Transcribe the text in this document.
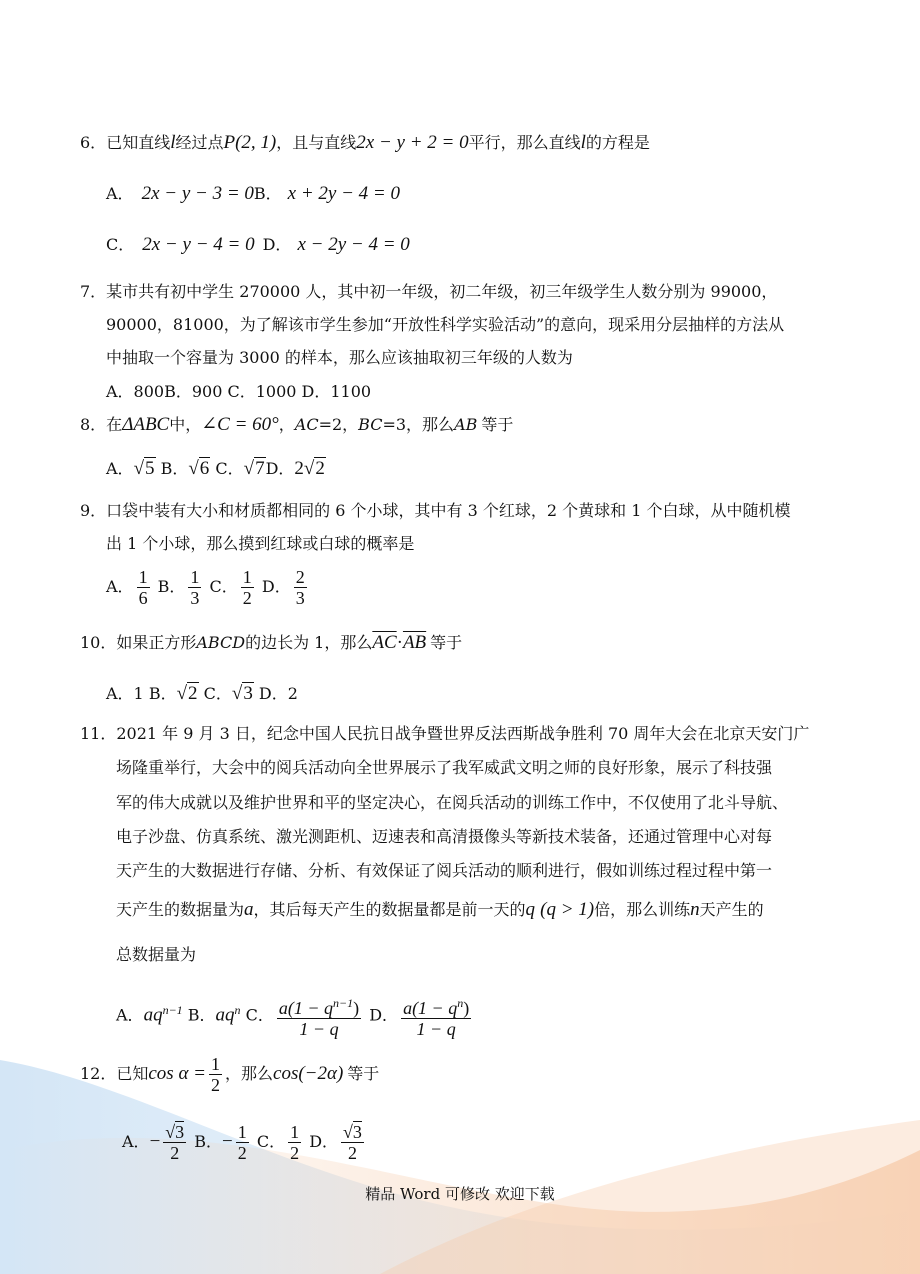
6．已知直线l经过点P(2, 1)，且与直线2x − y + 2 = 0平行，那么直线l的方程是
A． 2x − y − 3 = 0B． x + 2y − 4 = 0
C． 2x − y − 4 = 0 D． x − 2y − 4 = 0
7．某市共有初中学生 270000 人，其中初一年级，初二年级，初三年级学生人数分别为 99000，
90000，81000，为了解该市学生参加“开放性科学实验活动”的意向，现采用分层抽样的方法从
中抽取一个容量为 3000 的样本，那么应该抽取初三年级的人数为
A．800B．900 C．1000 D．1100
8．在ΔABC中，∠C = 60°，AC=2，BC=3，那么AB 等于
A．√5 B．√6 C．√7D．2√2
9．口袋中装有大小和材质都相同的 6 个小球，其中有 3 个红球，2 个黄球和 1 个白球，从中随机模
出 1 个小球，那么摸到红球或白球的概率是
A． $\frac{1}{6}$ B． $\frac{1}{3}$ C． $\frac{1}{2}$ D． $\frac{2}{3}$
10．如果正方形ABCD的边长为 1，那么$\overline{AC}\cdot\overline{AB}$ 等于
A．1 B．√2 C．√3 D．2
11．2021 年 9 月 3 日，纪念中国人民抗日战争暨世界反法西斯战争胜利 70 周年大会在北京天安门广
场隆重举行，大会中的阅兵活动向全世界展示了我军威武文明之师的良好形象，展示了科技强
军的伟大成就以及维护世界和平的坚定决心，在阅兵活动的训练工作中，不仅使用了北斗导航、
电子沙盘、仿真系统、激光测距机、迈速表和高清摄像头等新技术装备，还通过管理中心对每
天产生的大数据进行存储、分析、有效保证了阅兵活动的顺利进行，假如训练过程过程中第一
天产生的数据量为a，其后每天产生的数据量都是前一天的q (q > 1)倍，那么训练n天产生的
总数据量为
A．$aq^{n-1}$ B．$aq^n$ C． $\frac{a(1 - q^{n-1})}{1 - q}$ D． $\frac{a(1 - q^n)}{1 - q}$
12．已知$\cos \alpha = \frac{1}{2}$ ，那么cos(−2α) 等于
A．− $\frac{√3}{2}$ B．− $\frac{1}{2}$ C． $\frac{1}{2}$ D． $\frac{√3}{2}$
精品 Word 可修改 欢迎下载
